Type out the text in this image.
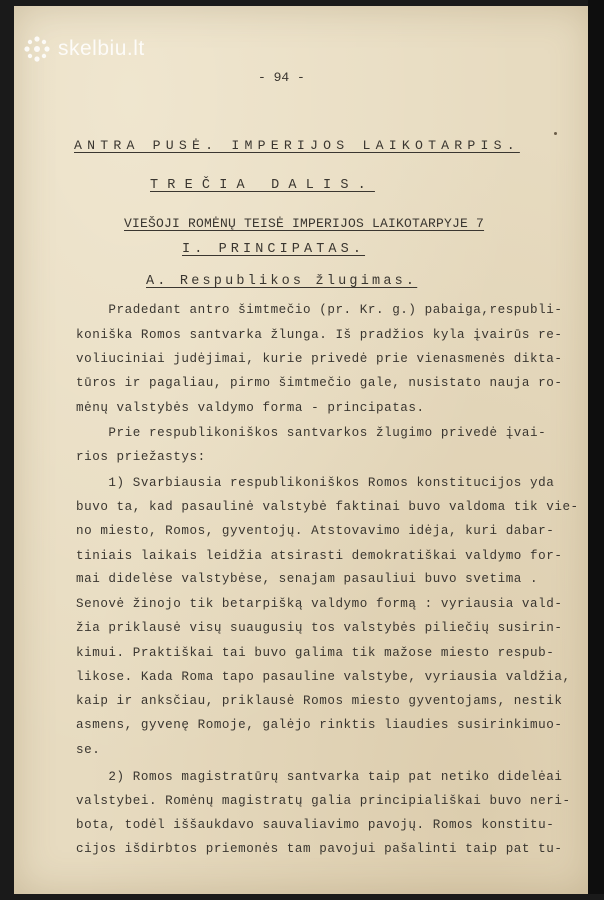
- 94 -
ANTRA PUSĖ. IMPERIJOS LAIKOTARPIS.
TREČIA DALIS.
VIEŠOJI ROMĖNŲ TEISĖ IMPERIJOS LAIKOTARPYJE 7
I. PRINCIPATAS.
A. Respublikos žlugimas.
Pradedant antro šimtmečio (pr. Kr. g.) pabaiga,respubli-
koniška Romos santvarka žlunga. Iš pradžios kyla įvairūs re-
voliuciniai judėjimai, kurie privedė prie vienasmenės dikta-
tūros ir pagaliau, pirmo šimtmečio gale, nusistato nauja ro-
mėnų valstybės valdymo forma - principatas.
Prie respublikoniškos santvarkos žlugimo privedė įvai-
rios priežastys:
1) Svarbiausia respublikoniškos Romos konstitucijos yda
buvo ta, kad pasaulinė valstybė faktinai buvo valdoma tik vie-
no miesto, Romos, gyventojų. Atstovavimo idėja, kuri dabar-
tiniais laikais leidžia atsirasti demokratiškai valdymo for-
mai didelėse valstybėse, senajam pasauliui buvo svetima .
Senovė žinojo tik betarpišką valdymo formą : vyriausia vald-
žia priklausė visų suaugusių tos valstybės piliečių susirin-
kimui. Praktiškai tai buvo galima tik mažose miesto respub-
likose. Kada Roma tapo pasauline valstybe, vyriausia valdžia,
kaip ir anksčiau, priklausė Romos miesto gyventojams, nestik
asmens, gyvenę Romoje, galėjo rinktis liaudies susirinkimuo-
se.
2) Romos magistratūrų santvarka taip pat netiko didelėai
valstybei. Romėnų magistratų galia principiališkai buvo neri-
bota, todėl iššaukdavo sauvaliavimo pavojų. Romos konstitu-
cijos išdirbtos priemonės tam pavojui pašalinti taip pat tu-
skelbiu.lt
